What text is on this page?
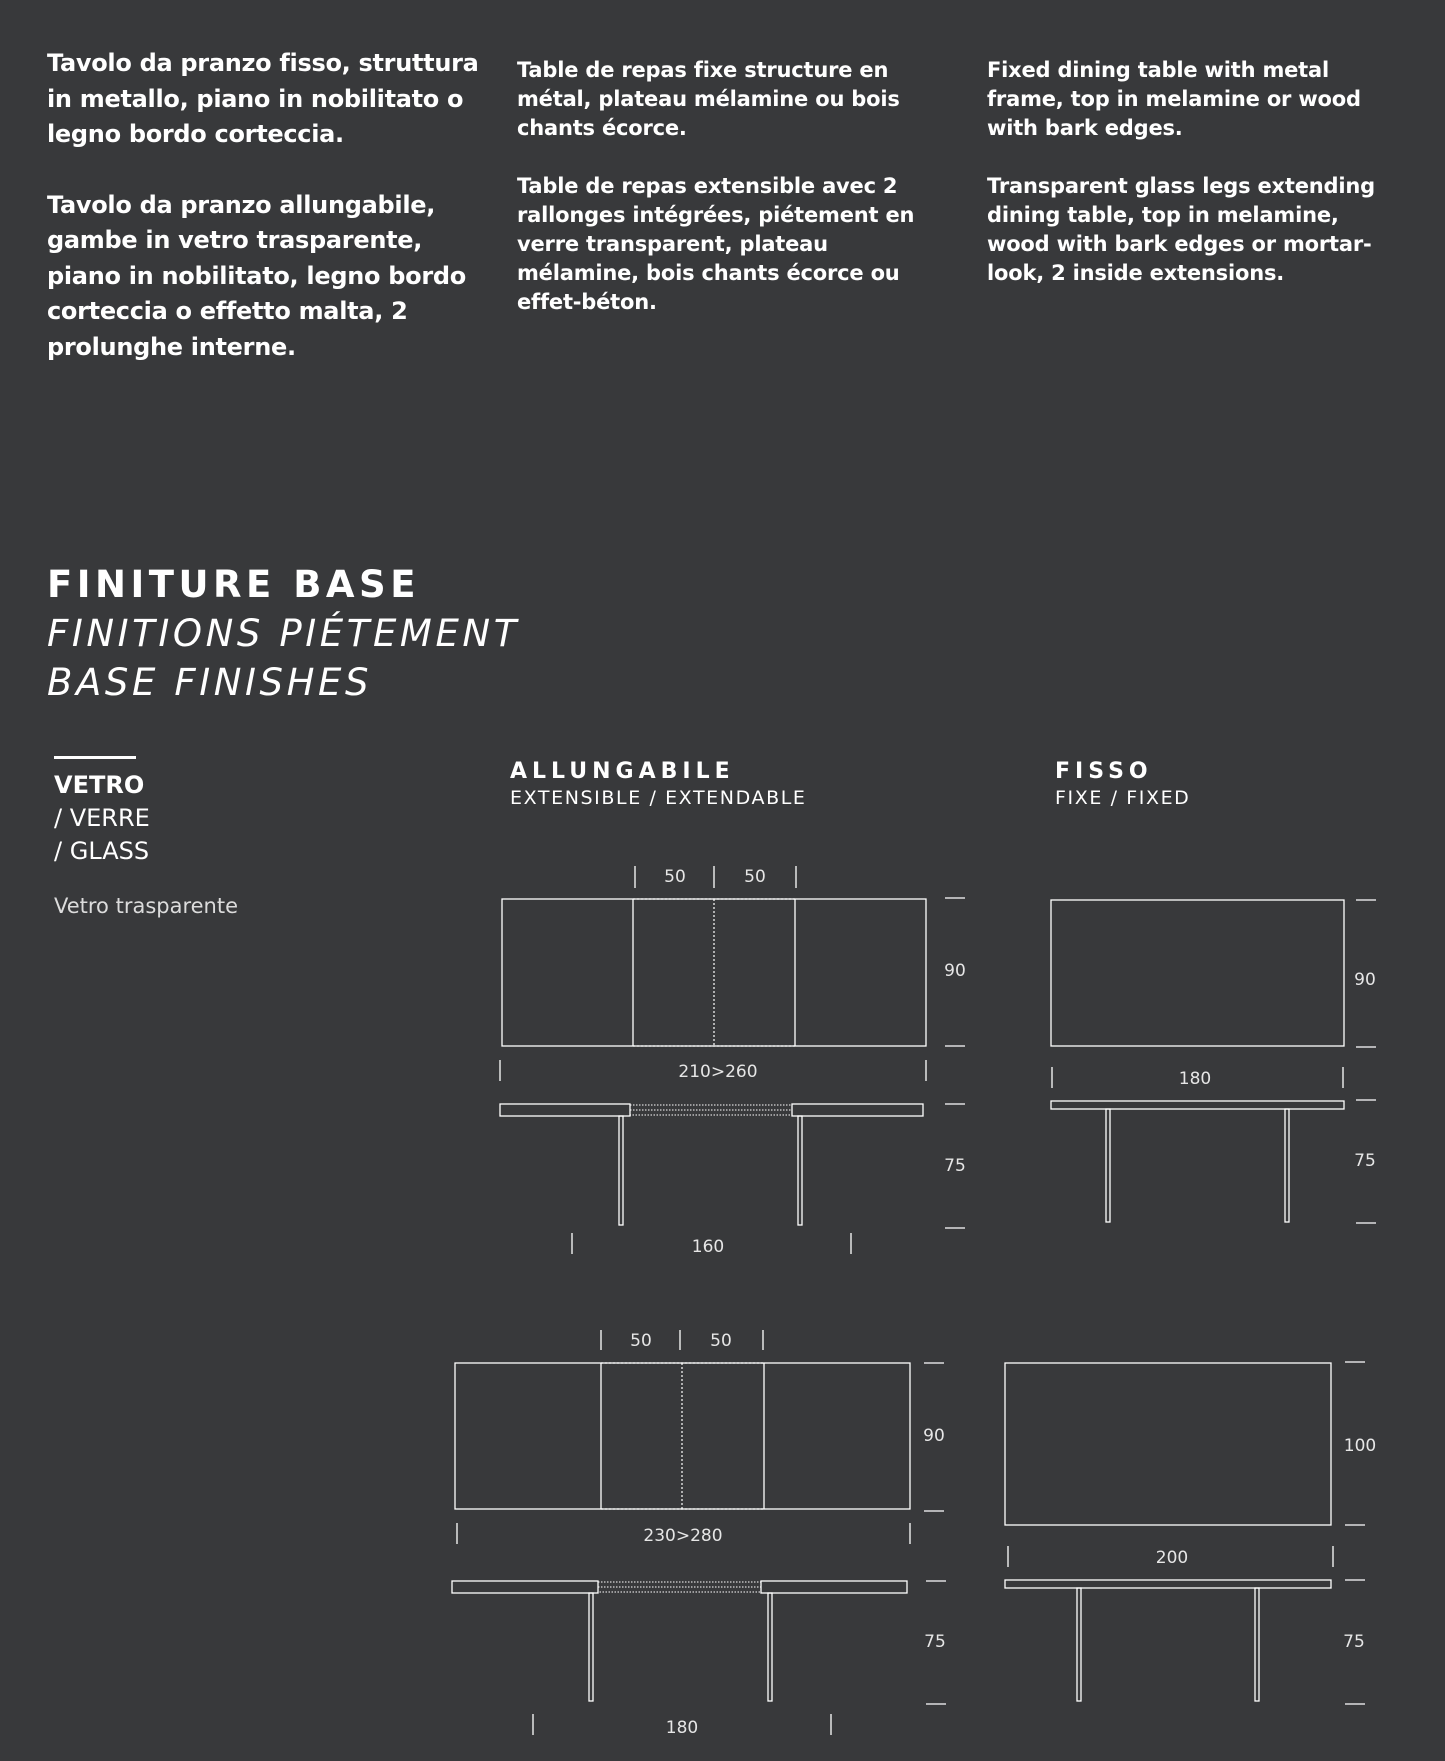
Tavolo da pranzo fisso, struttura in metallo, piano in nobilitato o legno bordo corteccia.

Tavolo da pranzo allungabile, gambe in vetro trasparente, piano in nobilitato, legno bordo corteccia o effetto malta, 2 prolunghe interne.

Table de repas fixe structure en métal, plateau mélamine ou bois chants écorce.

Table de repas extensible avec 2 rallonges intégrées, piétement en verre transparent, plateau mélamine, bois chants écorce ou effet-béton.

Fixed dining table with metal frame, top in melamine or wood with bark edges.

Transparent glass legs extending dining table, top in melamine, wood with bark edges or mortar-look, 2 inside extensions.

FINITURE BASE
FINITIONS PIÉTEMENT
BASE FINISHES
VETRO
/ VERRE
/ GLASS
Vetro trasparente
ALLUNGABILE
EXTENSIBLE / EXTENDABLE
FISSO
FIXE / FIXED
50	50
90
210>260
75
160
90
180
75
50	50
90
230>280
75
180
100
200
75
